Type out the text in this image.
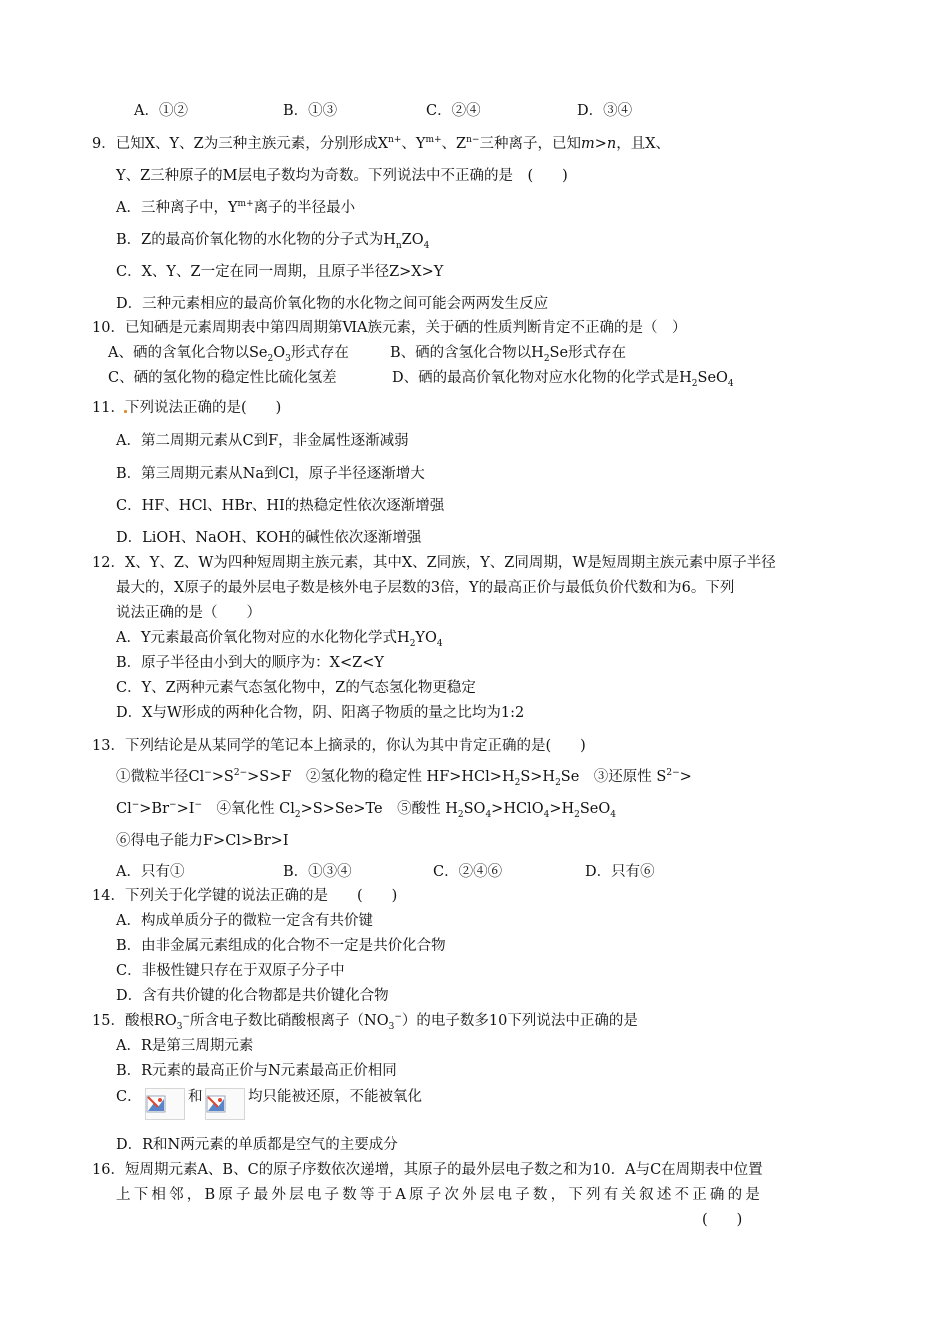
A．①②	B．①③	C．②④	D．③④
9．已知X、Y、Z为三种主族元素，分别形成$X^{n+}$、$Y^{m+}$、$Z^{n-}$三种离子，已知m>n，且X、
Y、Z三种原子的M层电子数均为奇数。下列说法中不正确的是　(　　)
A．三种离子中，$Y^{m+}$离子的半径最小
B．Z的最高价氧化物的水化物的分子式为$H_nZO_4$
C．X、Y、Z一定在同一周期，且原子半径Z>X>Y
D．三种元素相应的最高价氧化物的水化物之间可能会两两发生反应
10．已知硒是元素周期表中第四周期第ⅥA族元素，关于硒的性质判断肯定不正确的是（　）
A、硒的含氧化合物以$Se_2O_3$形式存在	B、硒的含氢化合物以$H_2Se$形式存在
C、硒的氢化物的稳定性比硫化氢差	D、硒的最高价氧化物对应水化物的化学式是$H_2SeO_4$
11．下列说法正确的是(　　)
A．第二周期元素从C到F，非金属性逐渐减弱
B．第三周期元素从Na到Cl，原子半径逐渐增大
C．HF、HCl、HBr、HI的热稳定性依次逐渐增强
D．LiOH、NaOH、KOH的碱性依次逐渐增强
12．X、Y、Z、W为四种短周期主族元素，其中X、Z同族，Y、Z同周期，W是短周期主族元素中原子半径
最大的，X原子的最外层电子数是核外电子层数的3倍，Y的最高正价与最低负价代数和为6。下列
说法正确的是（　　）
A．Y元素最高价氧化物对应的水化物化学式$H_2YO_4$
B．原子半径由小到大的顺序为：X<Z<Y
C．Y、Z两种元素气态氢化物中，Z的气态氢化物更稳定
D．X与W形成的两种化合物，阴、阳离子物质的量之比均为1:2
13．下列结论是从某同学的笔记本上摘录的，你认为其中肯定正确的是(　　)
①微粒半径$Cl^->S^{2-}>S>F$　②氢化物的稳定性 $HF>HCl>H_2S>H_2Se$　③还原性 $S^{2-}>$
Cl−>Br−>I−　④氧化性 $Cl_2>S>Se>Te$　⑤酸性 $H_2SO_4>HClO_4>H_2SeO_4$
⑥得电子能力F>Cl>Br>I
A．只有①	B．①③④	C．②④⑥	D．只有⑥
14．下列关于化学键的说法正确的是　　(　　)
A．构成单质分子的微粒一定含有共价键
B．由非金属元素组成的化合物不一定是共价化合物
C．非极性键只存在于双原子分子中
D．含有共价键的化合物都是共价键化合物
15．酸根$RO_3^-$所含电子数比硝酸根离子$(NO_3^-)$的电子数多10下列说法中正确的是
A．R是第三周期元素
B．R元素的最高正价与N元素最高正价相同
C．	和	均只能被还原，不能被氧化
D．R和N两元素的单质都是空气的主要成分
16．短周期元素A、B、C的原子序数依次递增，其原子的最外层电子数之和为10．A与C在周期表中位置
上下相邻，B原子最外层电子数等于A原子次外层电子数，下列有关叙述不正确的是
(　　)
